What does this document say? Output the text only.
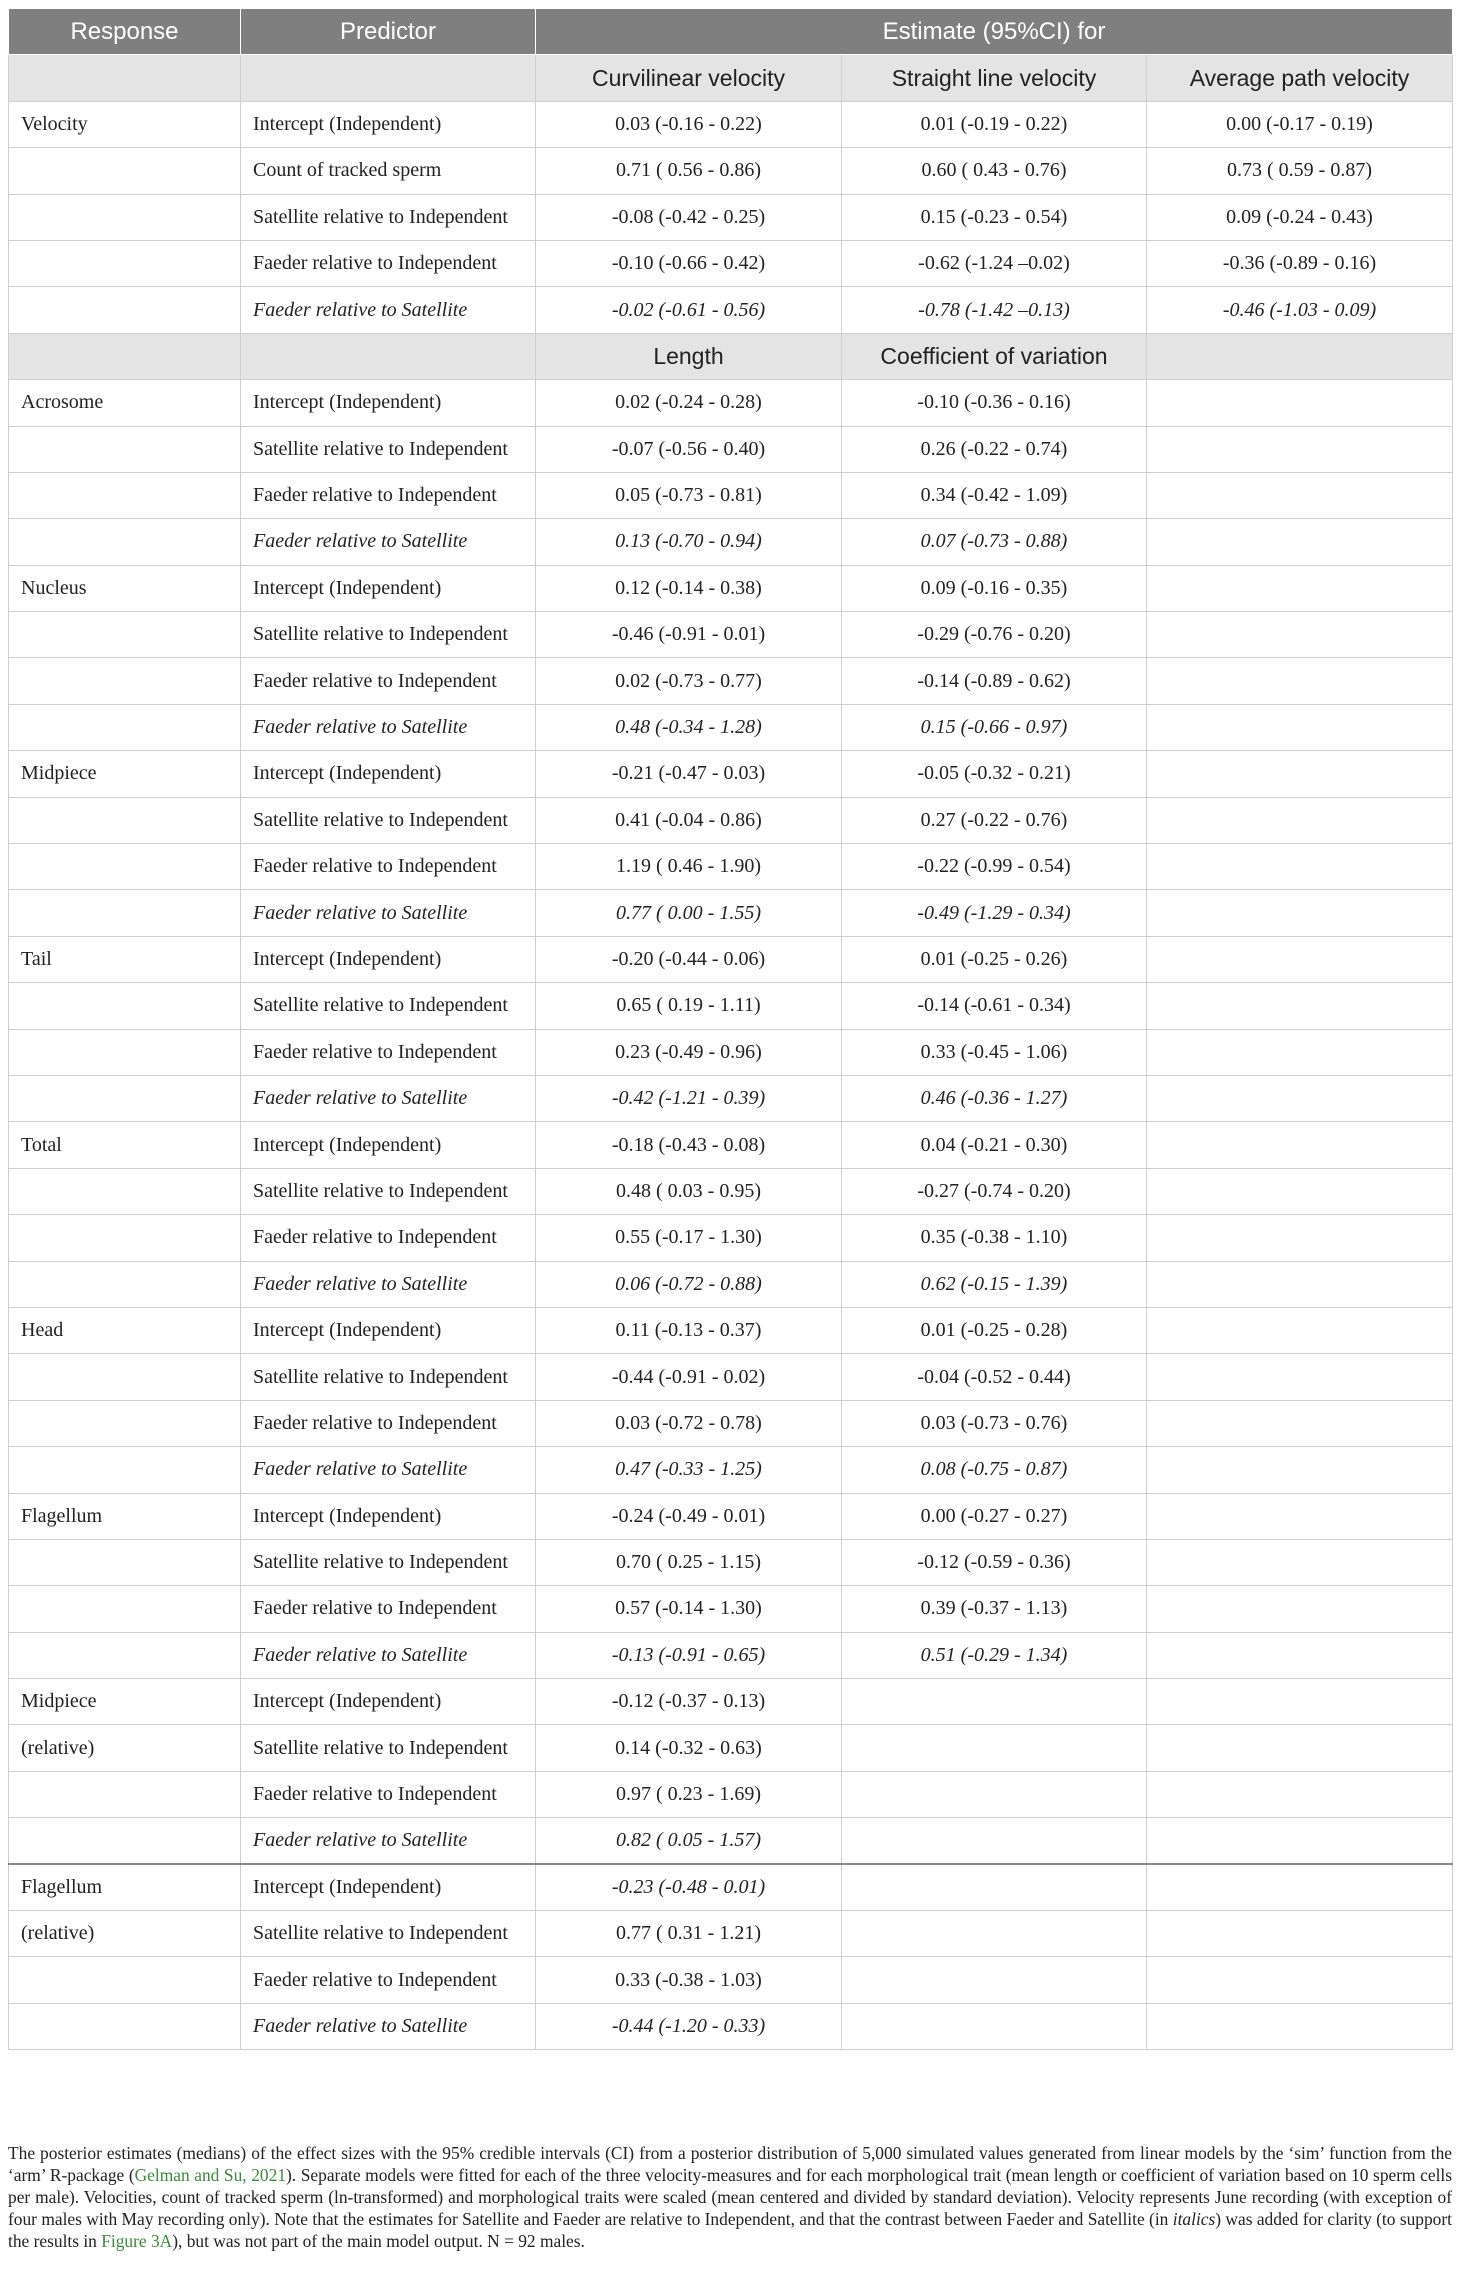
Response	Predictor	Estimate (95%CI) for		
		Curvilinear velocity	Straight line velocity	Average path velocity
Velocity	Intercept (Independent)	0.03 (-0.16 - 0.22)	0.01 (-0.19 - 0.22)	0.00 (-0.17 - 0.19)
	Count of tracked sperm	0.71 ( 0.56 - 0.86)	0.60 ( 0.43 - 0.76)	0.73 ( 0.59 - 0.87)
	Satellite relative to Independent	-0.08 (-0.42 - 0.25)	0.15 (-0.23 - 0.54)	0.09 (-0.24 - 0.43)
	Faeder relative to Independent	-0.10 (-0.66 - 0.42)	-0.62 (-1.24 –0.02)	-0.36 (-0.89 - 0.16)
	Faeder relative to Satellite	-0.02 (-0.61 - 0.56)	-0.78 (-1.42 –0.13)	-0.46 (-1.03 - 0.09)
		Length	Coefficient of variation	
Acrosome	Intercept (Independent)	0.02 (-0.24 - 0.28)	-0.10 (-0.36 - 0.16)	
	Satellite relative to Independent	-0.07 (-0.56 - 0.40)	0.26 (-0.22 - 0.74)	
	Faeder relative to Independent	0.05 (-0.73 - 0.81)	0.34 (-0.42 - 1.09)	
	Faeder relative to Satellite	0.13 (-0.70 - 0.94)	0.07 (-0.73 - 0.88)	
Nucleus	Intercept (Independent)	0.12 (-0.14 - 0.38)	0.09 (-0.16 - 0.35)	
	Satellite relative to Independent	-0.46 (-0.91 - 0.01)	-0.29 (-0.76 - 0.20)	
	Faeder relative to Independent	0.02 (-0.73 - 0.77)	-0.14 (-0.89 - 0.62)	
	Faeder relative to Satellite	0.48 (-0.34 - 1.28)	0.15 (-0.66 - 0.97)	
Midpiece	Intercept (Independent)	-0.21 (-0.47 - 0.03)	-0.05 (-0.32 - 0.21)	
	Satellite relative to Independent	0.41 (-0.04 - 0.86)	0.27 (-0.22 - 0.76)	
	Faeder relative to Independent	1.19 ( 0.46 - 1.90)	-0.22 (-0.99 - 0.54)	
	Faeder relative to Satellite	0.77 ( 0.00 - 1.55)	-0.49 (-1.29 - 0.34)	
Tail	Intercept (Independent)	-0.20 (-0.44 - 0.06)	0.01 (-0.25 - 0.26)	
	Satellite relative to Independent	0.65 ( 0.19 - 1.11)	-0.14 (-0.61 - 0.34)	
	Faeder relative to Independent	0.23 (-0.49 - 0.96)	0.33 (-0.45 - 1.06)	
	Faeder relative to Satellite	-0.42 (-1.21 - 0.39)	0.46 (-0.36 - 1.27)	
Total	Intercept (Independent)	-0.18 (-0.43 - 0.08)	0.04 (-0.21 - 0.30)	
	Satellite relative to Independent	0.48 ( 0.03 - 0.95)	-0.27 (-0.74 - 0.20)	
	Faeder relative to Independent	0.55 (-0.17 - 1.30)	0.35 (-0.38 - 1.10)	
	Faeder relative to Satellite	0.06 (-0.72 - 0.88)	0.62 (-0.15 - 1.39)	
Head	Intercept (Independent)	0.11 (-0.13 - 0.37)	0.01 (-0.25 - 0.28)	
	Satellite relative to Independent	-0.44 (-0.91 - 0.02)	-0.04 (-0.52 - 0.44)	
	Faeder relative to Independent	0.03 (-0.72 - 0.78)	0.03 (-0.73 - 0.76)	
	Faeder relative to Satellite	0.47 (-0.33 - 1.25)	0.08 (-0.75 - 0.87)	
Flagellum	Intercept (Independent)	-0.24 (-0.49 - 0.01)	0.00 (-0.27 - 0.27)	
	Satellite relative to Independent	0.70 ( 0.25 - 1.15)	-0.12 (-0.59 - 0.36)	
	Faeder relative to Independent	0.57 (-0.14 - 1.30)	0.39 (-0.37 - 1.13)	
	Faeder relative to Satellite	-0.13 (-0.91 - 0.65)	0.51 (-0.29 - 1.34)	
Midpiece	Intercept (Independent)	-0.12 (-0.37 - 0.13)		
(relative)	Satellite relative to Independent	0.14 (-0.32 - 0.63)		
	Faeder relative to Independent	0.97 ( 0.23 - 1.69)		
	Faeder relative to Satellite	0.82 ( 0.05 - 1.57)		
Flagellum	Intercept (Independent)	-0.23 (-0.48 - 0.01)		
(relative)	Satellite relative to Independent	0.77 ( 0.31 - 1.21)		
	Faeder relative to Independent	0.33 (-0.38 - 1.03)		
	Faeder relative to Satellite	-0.44 (-1.20 - 0.33)		
The posterior estimates (medians) of the effect sizes with the 95% credible intervals (CI) from a posterior distribution of 5,000 simulated values generated from linear models by the ‘sim’ function from the ‘arm’ R-package (Gelman and Su, 2021). Separate models were fitted for each of the three velocity-measures and for each morphological trait (mean length or coefficient of variation based on 10 sperm cells per male). Velocities, count of tracked sperm (ln-transformed) and morphological traits were scaled (mean centered and divided by standard deviation). Velocity represents June recording (with exception of four males with May recording only). Note that the estimates for Satellite and Faeder are relative to Independent, and that the contrast between Faeder and Satellite (in italics) was added for clarity (to support the results in Figure 3A), but was not part of the main model output. N = 92 males.
